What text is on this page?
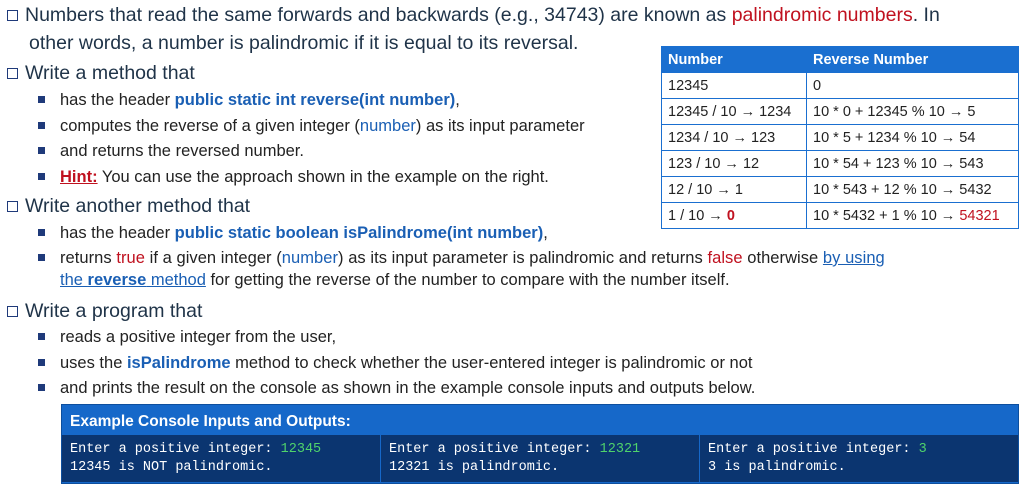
Numbers that read the same forwards and backwards (e.g., 34743) are known as palindromic numbers. In
other words, a number is palindromic if it is equal to its reversal.
Write a method that
has the header public static int reverse(int number),
computes the reverse of a given integer (number) as its input parameter
and returns the reversed number.
Hint: You can use the approach shown in the example on the right.
Number	Reverse Number
12345	0
12345 / 10 → 1234	10 * 0 + 12345 % 10 → 5
1234 / 10 → 123	10 * 5 + 1234 % 10 → 54
123 / 10 → 12	10 * 54 + 123 % 10 → 543
12 / 10 → 1	10 * 543 + 12 % 10 → 5432
1 / 10 → 0	10 * 5432 + 1 % 10 → 54321
Write another method that
has the header public static boolean isPalindrome(int number),
returns true if a given integer (number) as its input parameter is palindromic and returns false otherwise by using
the reverse method for getting the reverse of the number to compare with the number itself.
Write a program that
reads a positive integer from the user,
uses the isPalindrome method to check whether the user-entered integer is palindromic or not
and prints the result on the console as shown in the example console inputs and outputs below.
Example Console Inputs and Outputs:
Enter a positive integer: 12345
12345 is NOT palindromic.
Enter a positive integer: 12321
12321 is palindromic.
Enter a positive integer: 3
3 is palindromic.
